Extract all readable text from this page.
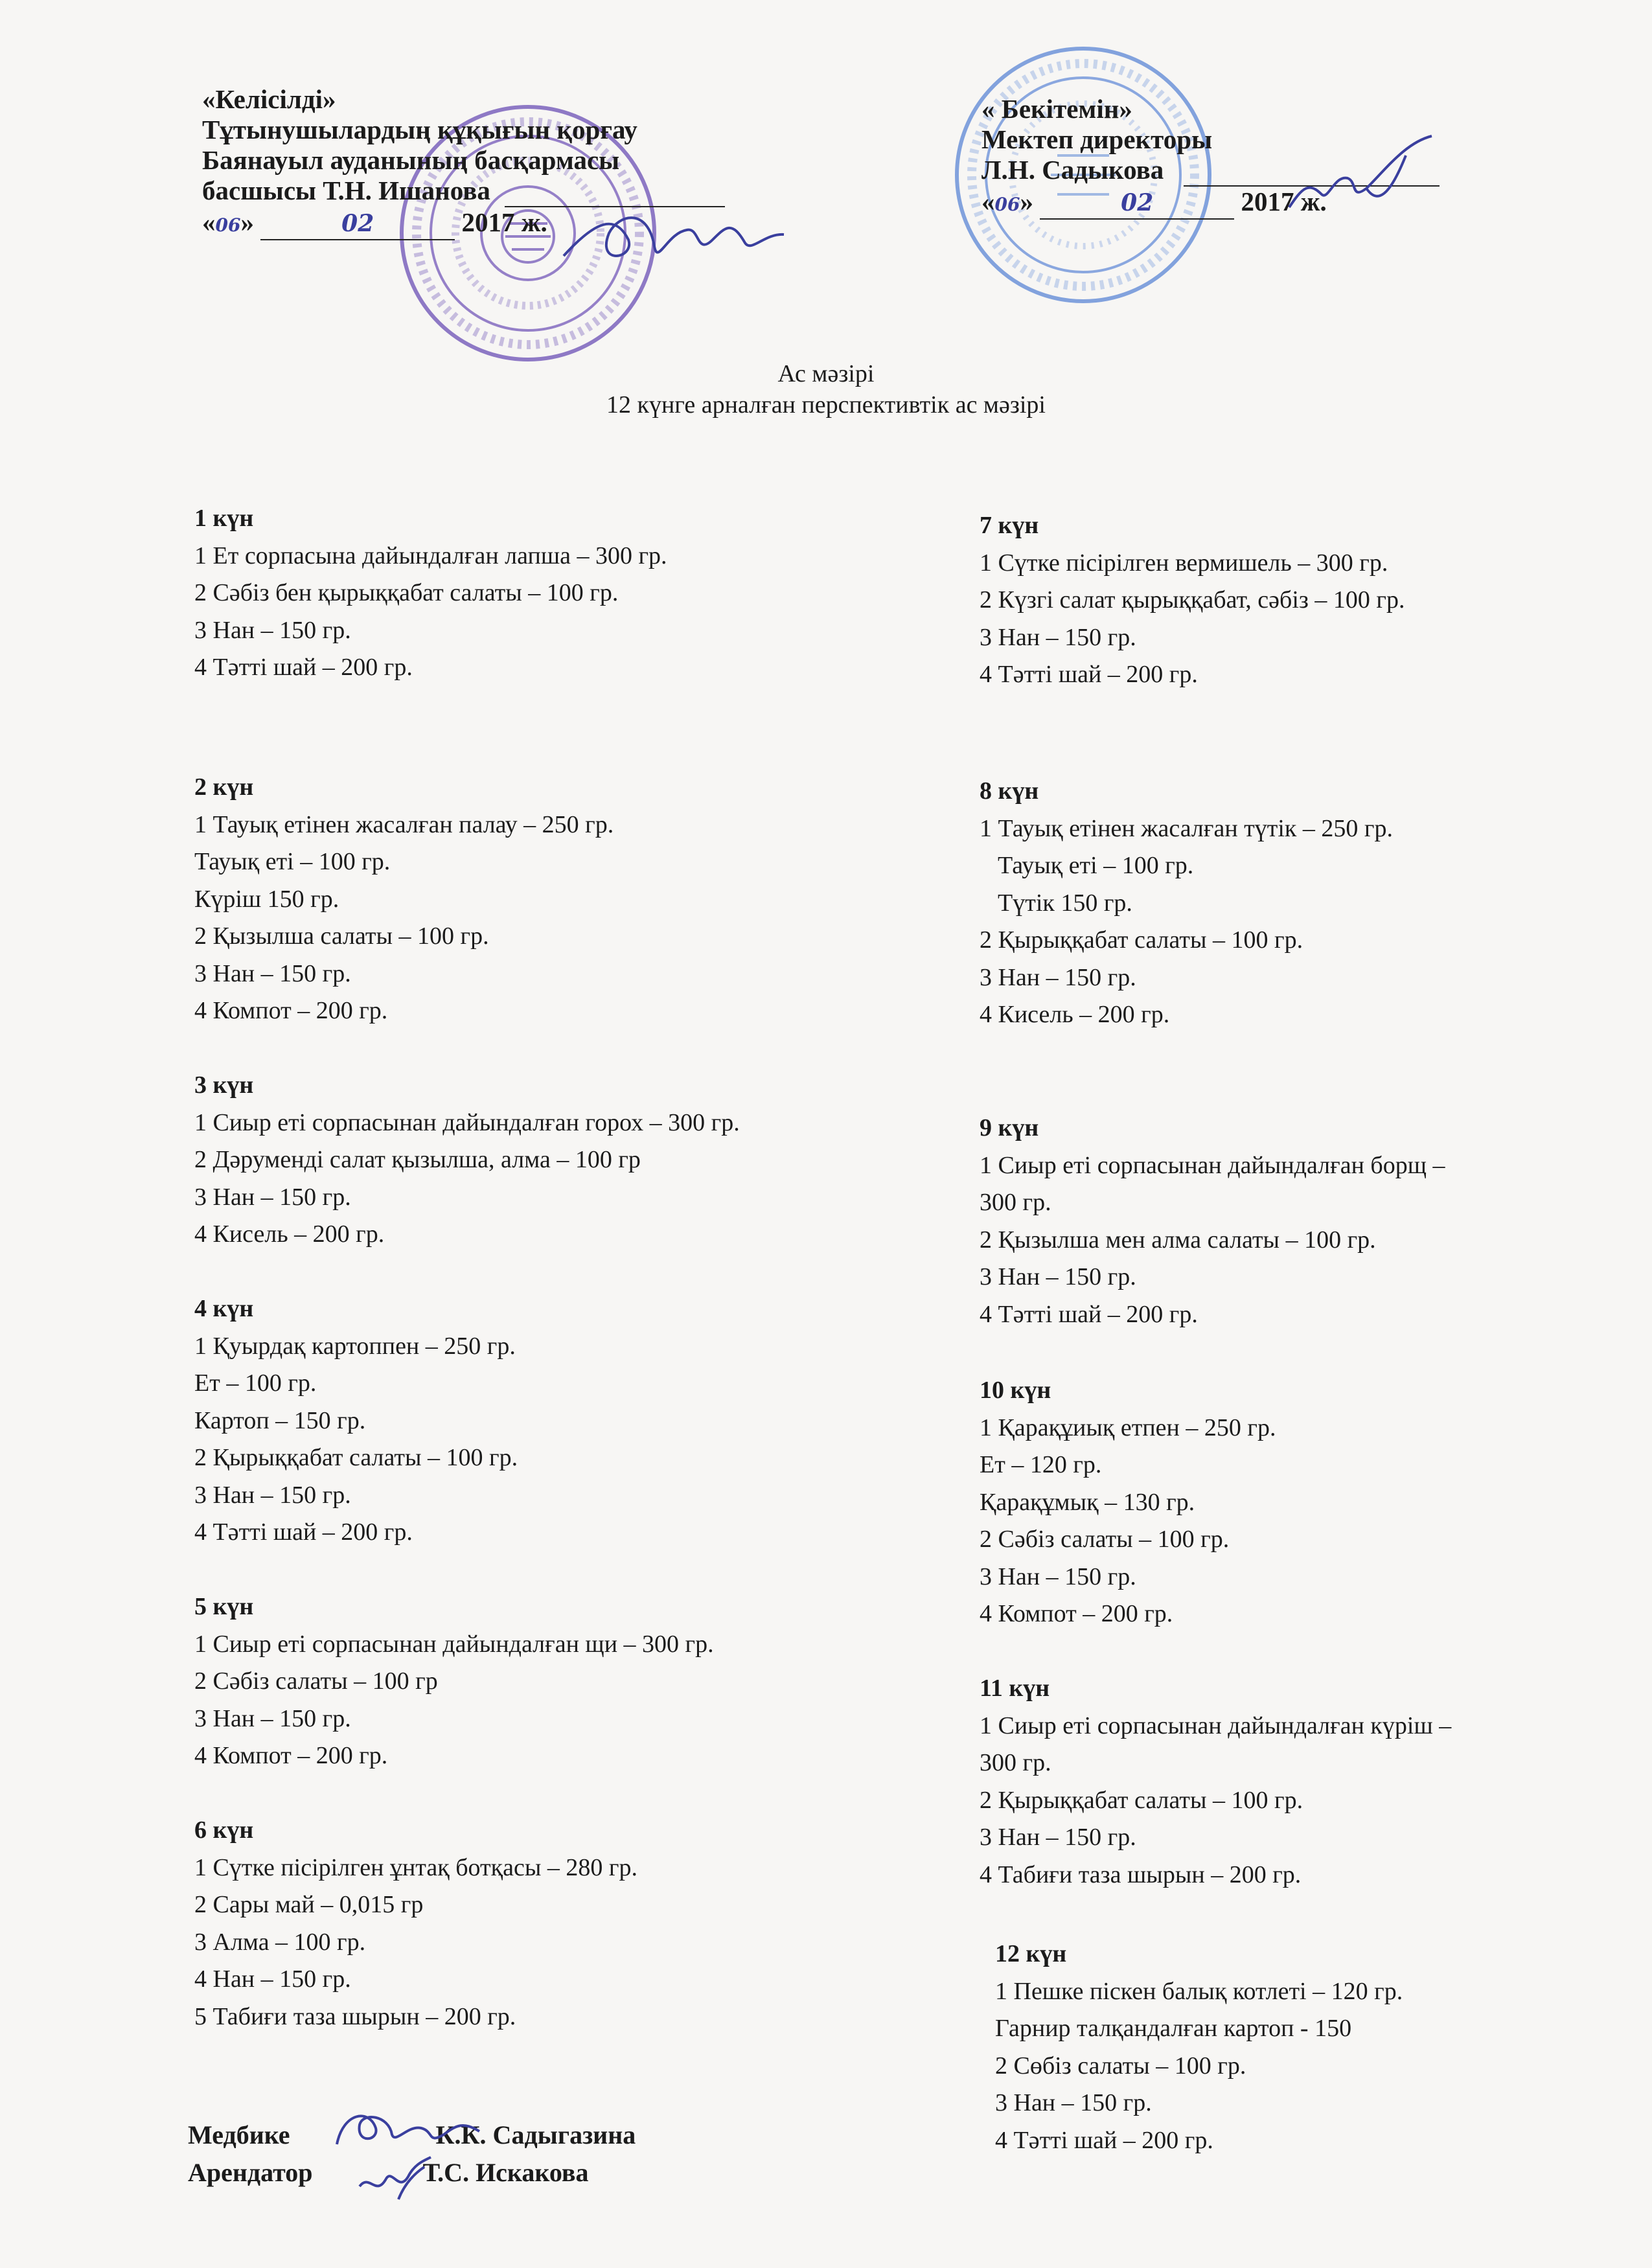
«Келісілді»
Тұтынушылардың құқығын қорғау
Баянауыл ауданының басқармасы
басшысы Т.Н. Ишанова
«06»	02	2017 ж.
« Бекітемін»
Мектеп директоры
Л.Н. Садыкова
«06»	02	2017 ж.
Ас мәзірі
12 күнге арналған перспективтік ас мәзірі
1 күн
1 Ет сорпасына дайындалған лапша – 300 гр.
2 Сәбіз бен қырыққабат салаты – 100 гр.
3 Нан – 150 гр.
4 Тәтті шай – 200 гр.
2 күн
1 Тауық етінен жасалған палау – 250 гр.
Тауық еті – 100 гр.
Күріш 150 гр.
2 Қызылша салаты – 100 гр.
3 Нан – 150 гр.
4 Компот – 200 гр.
3 күн
1 Сиыр еті сорпасынан дайындалған горох – 300 гр.
2 Дәруменді салат қызылша, алма – 100 гр
3 Нан – 150 гр.
4 Кисель – 200 гр.
4 күн
1 Қуырдақ картоппен – 250 гр.
Ет – 100 гр.
Картоп – 150 гр.
2 Қырыққабат салаты – 100 гр.
3 Нан – 150 гр.
4 Тәтті шай – 200 гр.
5 күн
1 Сиыр еті сорпасынан дайындалған щи – 300 гр.
2 Сәбіз салаты – 100 гр
3 Нан – 150 гр.
4 Компот – 200 гр.
6 күн
1 Сүтке пісірілген ұнтақ ботқасы – 280 гр.
2 Сары май – 0,015 гр
3 Алма – 100 гр.
4 Нан – 150 гр.
5 Табиғи таза шырын – 200 гр.
7 күн
1 Сүтке пісірілген вермишель – 300 гр.
2 Күзгі салат қырыққабат, сәбіз – 100 гр.
3 Нан – 150 гр.
4 Тәтті шай – 200 гр.
8 күн
1 Тауық етінен жасалған түтік – 250 гр.
Тауық еті – 100 гр.
Түтік 150 гр.
2 Қырыққабат салаты – 100 гр.
3 Нан – 150 гр.
4 Кисель – 200 гр.
9 күн
1 Сиыр еті сорпасынан дайындалған борщ –
300 гр.
2 Қызылша мен алма салаты – 100 гр.
3 Нан – 150 гр.
4 Тәтті шай – 200 гр.
10 күн
1 Қарақұиық етпен – 250 гр.
Ет – 120 гр.
Қарақұмық – 130 гр.
2 Сәбіз салаты – 100 гр.
3 Нан – 150 гр.
4 Компот – 200 гр.
11 күн
1 Сиыр еті сорпасынан дайындалған күріш –
300 гр.
2 Қырыққабат салаты – 100 гр.
3 Нан – 150 гр.
4 Табиғи таза шырын – 200 гр.
12 күн
1 Пешке піскен балық котлеті – 120 гр.
Гарнир талқандалған картоп - 150
2 Сөбіз салаты – 100 гр.
3 Нан – 150 гр.
4 Тәтті шай – 200 гр.
Медбике	К.К. Садыгазина
Арендатор	Т.С. Искакова
